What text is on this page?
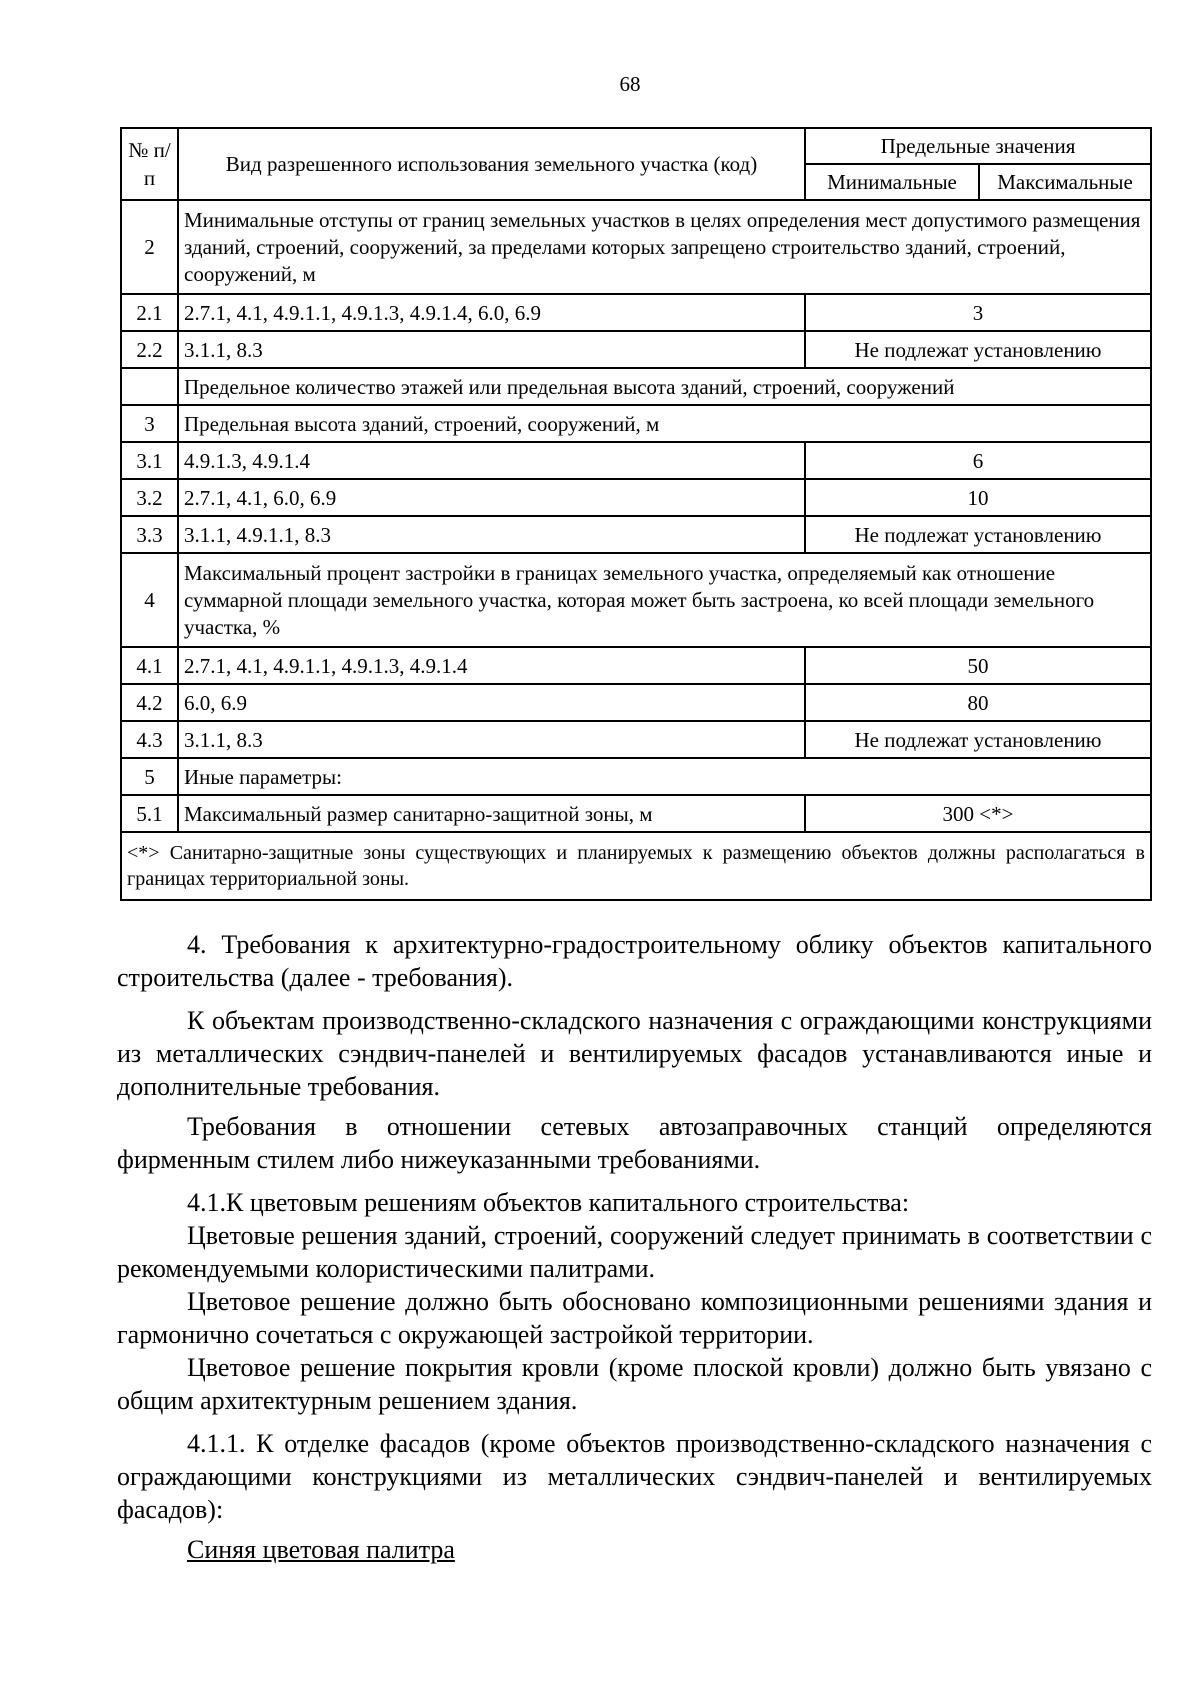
68
№ п/п	Вид разрешенного использования земельного участка (код)	Предельные значения	
		Минимальные	Максимальные
2	Минимальные отступы от границ земельных участков в целях определения мест допустимого размещения зданий, строений, сооружений, за пределами которых запрещено строительство зданий, строений, сооружений, м		
2.1	2.7.1, 4.1, 4.9.1.1, 4.9.1.3, 4.9.1.4, 6.0, 6.9	3	
2.2	3.1.1, 8.3	Не подлежат установлению	
	Предельное количество этажей или предельная высота зданий, строений, сооружений		
3	Предельная высота зданий, строений, сооружений, м		
3.1	4.9.1.3, 4.9.1.4	6	
3.2	2.7.1, 4.1, 6.0, 6.9	10	
3.3	3.1.1, 4.9.1.1, 8.3	Не подлежат установлению	
4	Максимальный процент застройки в границах земельного участка, определяемый как отношение суммарной площади земельного участка, которая может быть застроена, ко всей площади земельного участка, %		
4.1	2.7.1, 4.1, 4.9.1.1, 4.9.1.3, 4.9.1.4	50	
4.2	6.0, 6.9	80	
4.3	3.1.1, 8.3	Не подлежат установлению	
5	Иные параметры:		
5.1	Максимальный размер санитарно-защитной зоны, м	300 <*>	
<*> Санитарно-защитные зоны существующих и планируемых к размещению объектов должны располагаться в границах территориальной зоны.			

4. Требования к архитектурно-градостроительному облику объектов капитального строительства (далее - требования).

К объектам производственно-складского назначения с ограждающими конструкциями из металлических сэндвич-панелей и вентилируемых фасадов устанавливаются иные и дополнительные требования.

Требования в отношении сетевых автозаправочных станций определяются фирменным стилем либо нижеуказанными требованиями.

4.1.К цветовым решениям объектов капитального строительства:

Цветовые решения зданий, строений, сооружений следует принимать в соответствии с рекомендуемыми колористическими палитрами.

Цветовое решение должно быть обосновано композиционными решениями здания и гармонично сочетаться с окружающей застройкой территории.

Цветовое решение покрытия кровли (кроме плоской кровли) должно быть увязано с общим архитектурным решением здания.

4.1.1. К отделке фасадов (кроме объектов производственно-складского назначения с ограждающими конструкциями из металлических сэндвич-панелей и вентилируемых фасадов):

Синяя цветовая палитра
